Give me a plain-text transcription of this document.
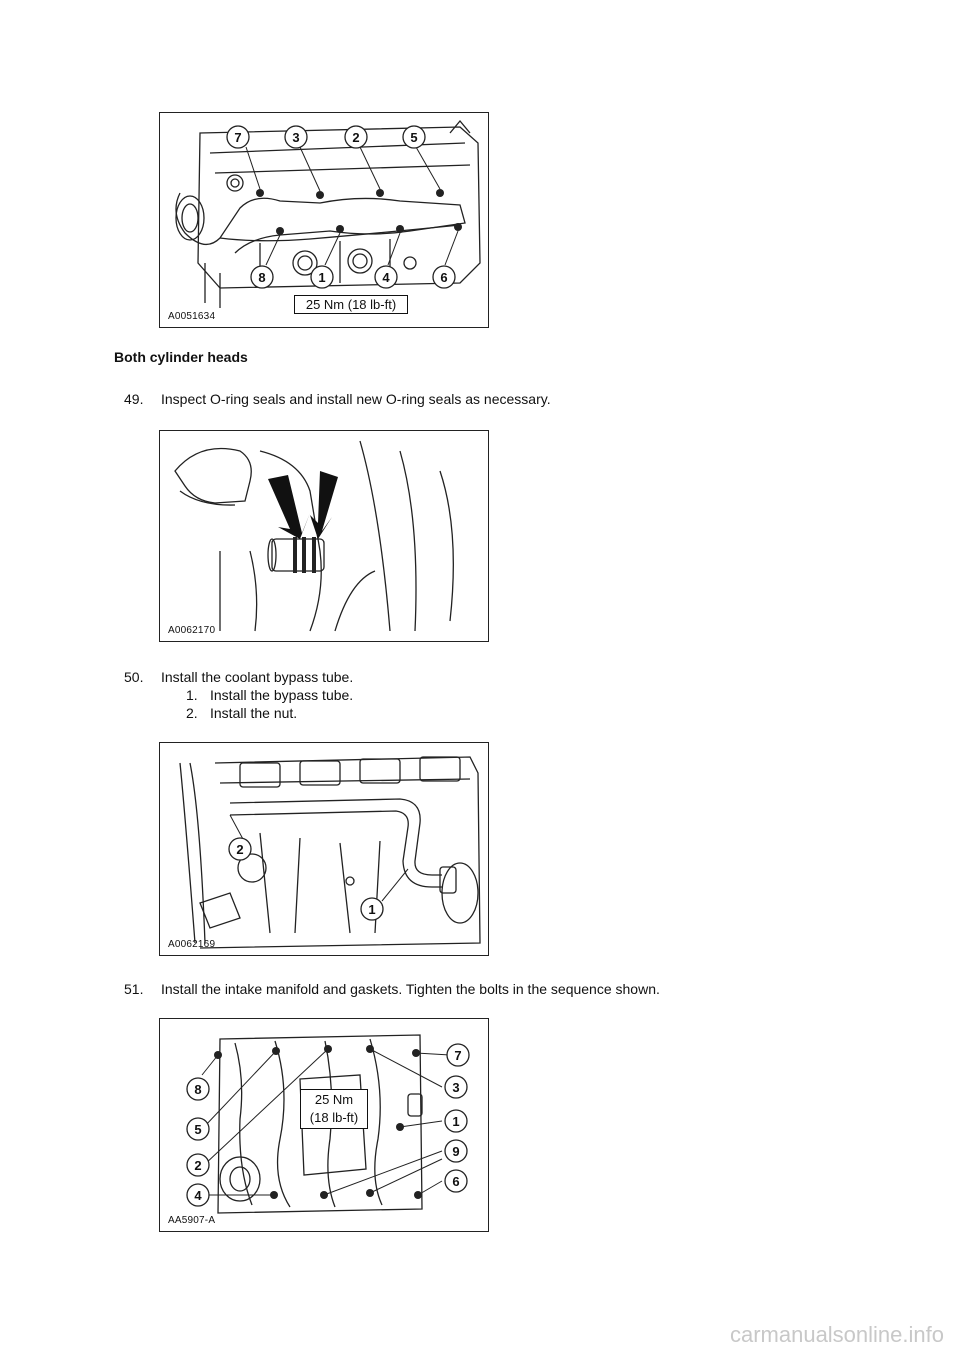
7	3	2	5
8	1	4	6
25 Nm (18 lb-ft)
A0051634
Both cylinder heads
49. Inspect O-ring seals and install new O-ring seals as necessary.
A0062170
50. Install the coolant bypass tube.
1. Install the bypass tube.
2. Install the nut.
2
1
A0062169
51. Install the intake manifold and gaskets. Tighten the bolts in the sequence shown.
7
8	3
5
1
9
2
6
4
25 Nm
(18 lb-ft)
AA5907-A
carmanualsonline.info
